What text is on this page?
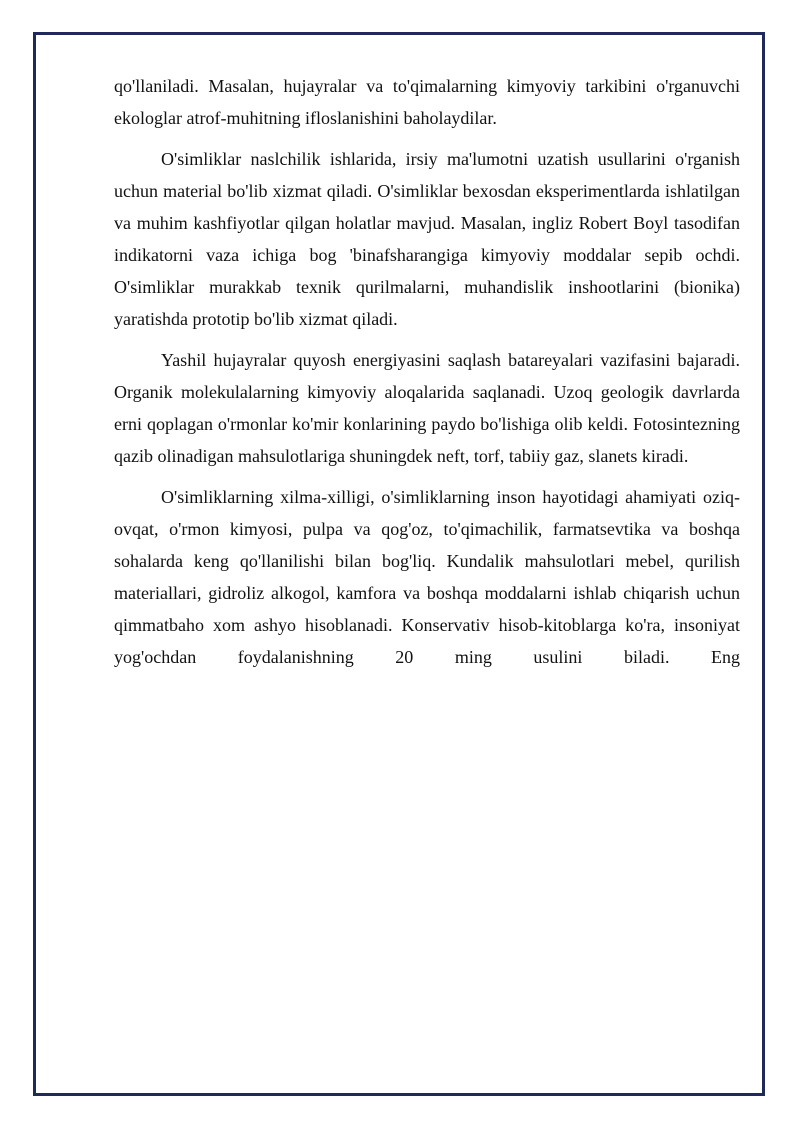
qo'llaniladi. Masalan, hujayralar va to'qimalarning kimyoviy tarkibini o'rganuvchi ekologlar atrof-muhitning ifloslanishini baholaydilar.

O'simliklar naslchilik ishlarida, irsiy ma'lumotni uzatish usullarini o'rganish uchun material bo'lib xizmat qiladi. O'simliklar bexosdan eksperimentlarda ishlatilgan va muhim kashfiyotlar qilgan holatlar mavjud. Masalan, ingliz Robert Boyl tasodifan indikatorni vaza ichiga bog 'binafsharangiga kimyoviy moddalar sepib ochdi. O'simliklar murakkab texnik qurilmalarni, muhandislik inshootlarini (bionika) yaratishda prototip bo'lib xizmat qiladi.

Yashil hujayralar quyosh energiyasini saqlash batareyalari vazifasini bajaradi. Organik molekulalarning kimyoviy aloqalarida saqlanadi. Uzoq geologik davrlarda erni qoplagan o'rmonlar ko'mir konlarining paydo bo'lishiga olib keldi. Fotosintezning qazib olinadigan mahsulotlariga shuningdek neft, torf, tabiiy gaz, slanets kiradi.

O'simliklarning xilma-xilligi, o'simliklarning inson hayotidagi ahamiyati oziq-ovqat, o'rmon kimyosi, pulpa va qog'oz, to'qimachilik, farmatsevtika va boshqa sohalarda keng qo'llanilishi bilan bog'liq. Kundalik mahsulotlari mebel, qurilish materiallari, gidroliz alkogol, kamfora va boshqa moddalarni ishlab chiqarish uchun qimmatbaho xom ashyo hisoblanadi. Konservativ hisob-kitoblarga ko'ra, insoniyat yog'ochdan foydalanishning 20 ming usulini biladi. Eng
